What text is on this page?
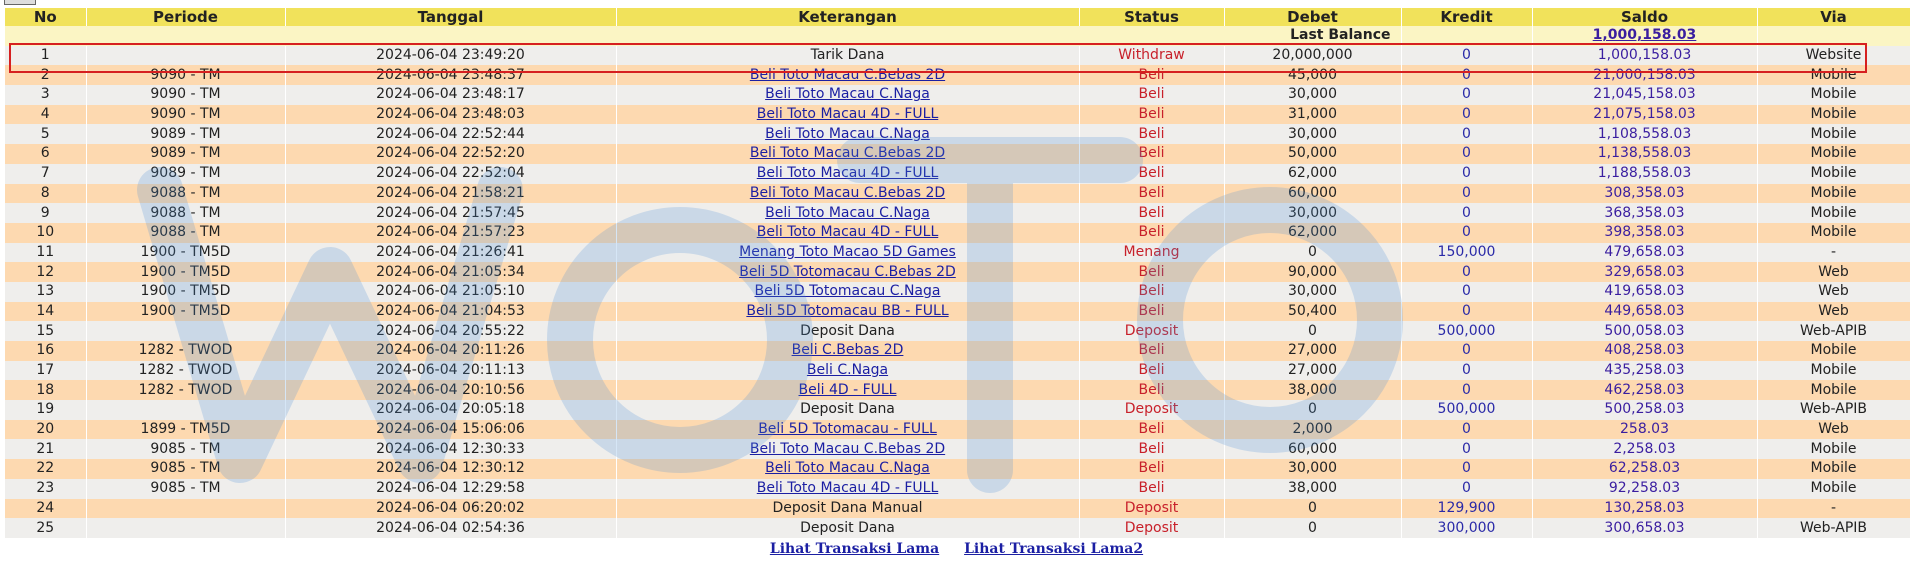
No	Periode	Tanggal	Keterangan	Status	Debet	Kredit	Saldo	Via
Last Balance							1,000,158.03	
1		2024-06-04 23:49:20	Tarik Dana	Withdraw	20,000,000	0	1,000,158.03	Website
2	9090 - TM	2024-06-04 23:48:37	Beli Toto Macau C.Bebas 2D	Beli	45,000	0	21,000,158.03	Mobile
3	9090 - TM	2024-06-04 23:48:17	Beli Toto Macau C.Naga	Beli	30,000	0	21,045,158.03	Mobile
4	9090 - TM	2024-06-04 23:48:03	Beli Toto Macau 4D - FULL	Beli	31,000	0	21,075,158.03	Mobile
5	9089 - TM	2024-06-04 22:52:44	Beli Toto Macau C.Naga	Beli	30,000	0	1,108,558.03	Mobile
6	9089 - TM	2024-06-04 22:52:20	Beli Toto Macau C.Bebas 2D	Beli	50,000	0	1,138,558.03	Mobile
7	9089 - TM	2024-06-04 22:52:04	Beli Toto Macau 4D - FULL	Beli	62,000	0	1,188,558.03	Mobile
8	9088 - TM	2024-06-04 21:58:21	Beli Toto Macau C.Bebas 2D	Beli	60,000	0	308,358.03	Mobile
9	9088 - TM	2024-06-04 21:57:45	Beli Toto Macau C.Naga	Beli	30,000	0	368,358.03	Mobile
10	9088 - TM	2024-06-04 21:57:23	Beli Toto Macau 4D - FULL	Beli	62,000	0	398,358.03	Mobile
11	1900 - TM5D	2024-06-04 21:26:41	Menang Toto Macao 5D Games	Menang	0	150,000	479,658.03	-
12	1900 - TM5D	2024-06-04 21:05:34	Beli 5D Totomacau C.Bebas 2D	Beli	90,000	0	329,658.03	Web
13	1900 - TM5D	2024-06-04 21:05:10	Beli 5D Totomacau C.Naga	Beli	30,000	0	419,658.03	Web
14	1900 - TM5D	2024-06-04 21:04:53	Beli 5D Totomacau BB - FULL	Beli	50,400	0	449,658.03	Web
15		2024-06-04 20:55:22	Deposit Dana	Deposit	0	500,000	500,058.03	Web-APIB
16	1282 - TWOD	2024-06-04 20:11:26	Beli C.Bebas 2D	Beli	27,000	0	408,258.03	Mobile
17	1282 - TWOD	2024-06-04 20:11:13	Beli C.Naga	Beli	27,000	0	435,258.03	Mobile
18	1282 - TWOD	2024-06-04 20:10:56	Beli 4D - FULL	Beli	38,000	0	462,258.03	Mobile
19		2024-06-04 20:05:18	Deposit Dana	Deposit	0	500,000	500,258.03	Web-APIB
20	1899 - TM5D	2024-06-04 15:06:06	Beli 5D Totomacau - FULL	Beli	2,000	0	258.03	Web
21	9085 - TM	2024-06-04 12:30:33	Beli Toto Macau C.Bebas 2D	Beli	60,000	0	2,258.03	Mobile
22	9085 - TM	2024-06-04 12:30:12	Beli Toto Macau C.Naga	Beli	30,000	0	62,258.03	Mobile
23	9085 - TM	2024-06-04 12:29:58	Beli Toto Macau 4D - FULL	Beli	38,000	0	92,258.03	Mobile
24		2024-06-04 06:20:02	Deposit Dana Manual	Deposit	0	129,900	130,258.03	-
25		2024-06-04 02:54:36	Deposit Dana	Deposit	0	300,000	300,658.03	Web-APIB
Lihat Transaksi Lama Lihat Transaksi Lama2
